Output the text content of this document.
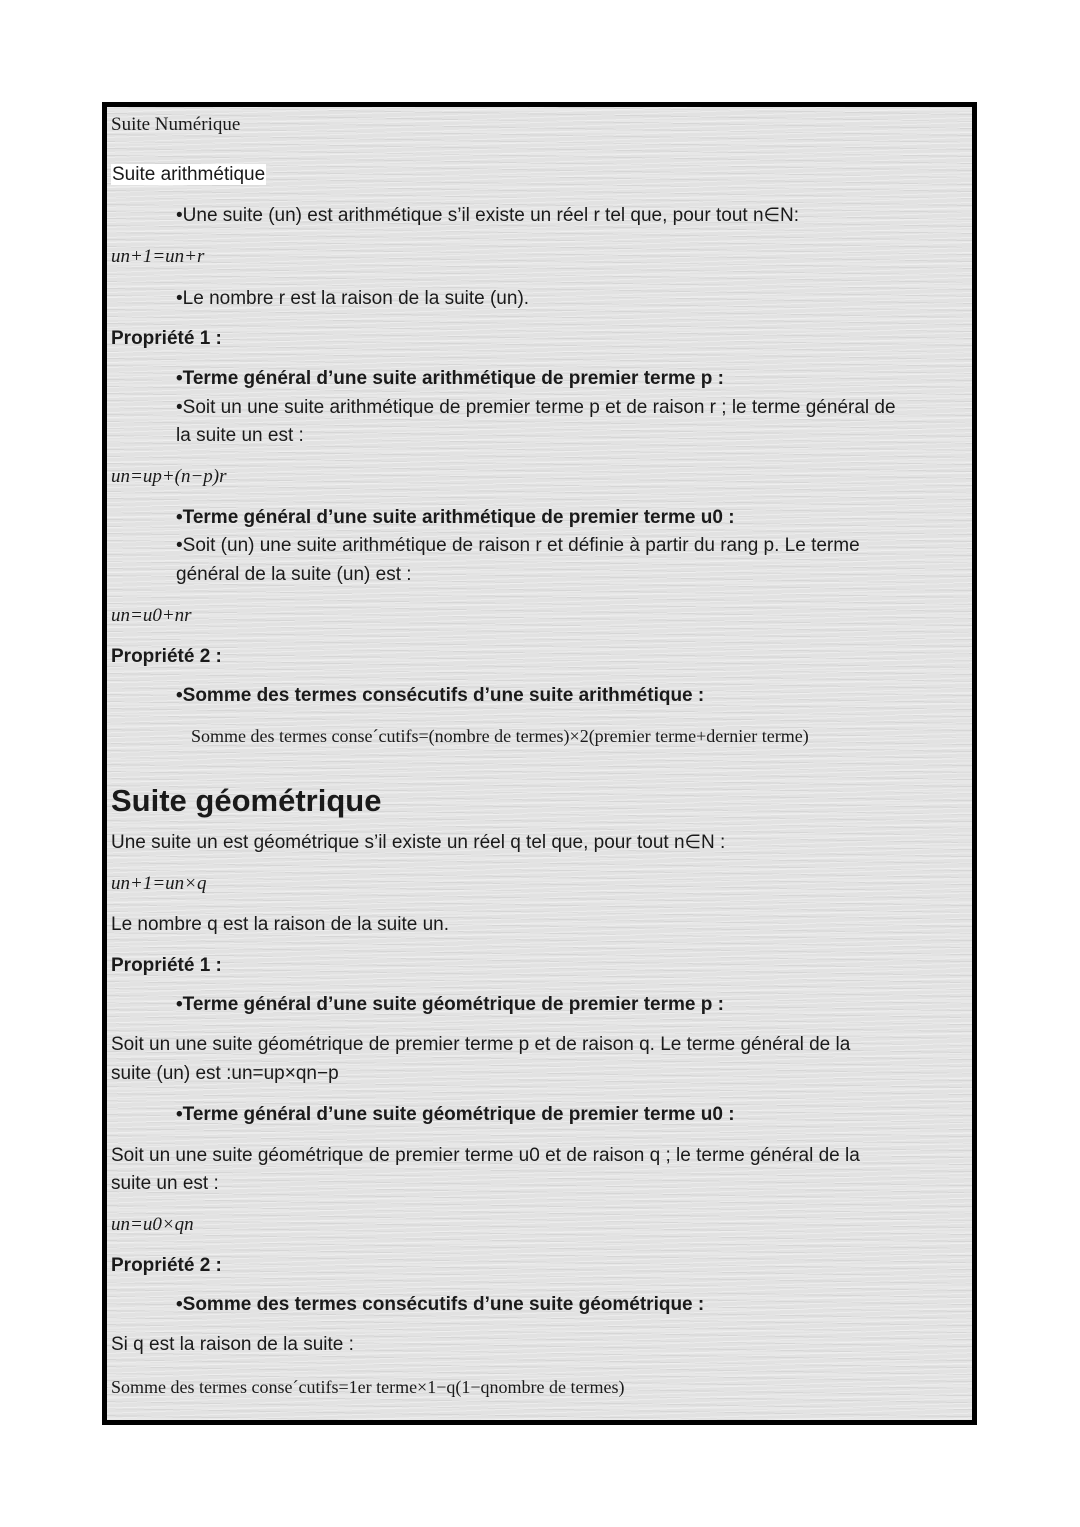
Suite Numérique
Suite arithmétique
•Une suite (un) est arithmétique s’il existe un réel r tel que, pour tout n∈N:
un+1=un+r
•Le nombre r est la raison de la suite (un).
Propriété 1 :
•Terme général d’une suite arithmétique de premier terme p :
•Soit un une suite arithmétique de premier terme p et de raison r ; le terme général de
la suite un est :
un=up+(n−p)r
•Terme général d’une suite arithmétique de premier terme u0 :
•Soit (un) une suite arithmétique de raison r et définie à partir du rang p. Le terme
général de la suite (un) est :
un=u0+nr
Propriété 2 :
•Somme des termes consécutifs d’une suite arithmétique :
Somme des termes conse´cutifs=(nombre de termes)×2(premier terme+dernier terme)
Suite géométrique
Une suite un est géométrique s’il existe un réel q tel que, pour tout n∈N :
un+1=un×q
Le nombre q est la raison de la suite un.
Propriété 1 :
•Terme général d’une suite géométrique de premier terme p :
Soit un une suite géométrique de premier terme p et de raison q. Le terme général de la
suite (un) est :un=up×qn−p
•Terme général d’une suite géométrique de premier terme u0 :
Soit un une suite géométrique de premier terme u0 et de raison q ; le terme général de la
suite un est :
un=u0×qn
Propriété 2 :
•Somme des termes consécutifs d’une suite géométrique :
Si q est la raison de la suite :
Somme des termes conse´cutifs=1er terme×1−q(1−qnombre de termes)
